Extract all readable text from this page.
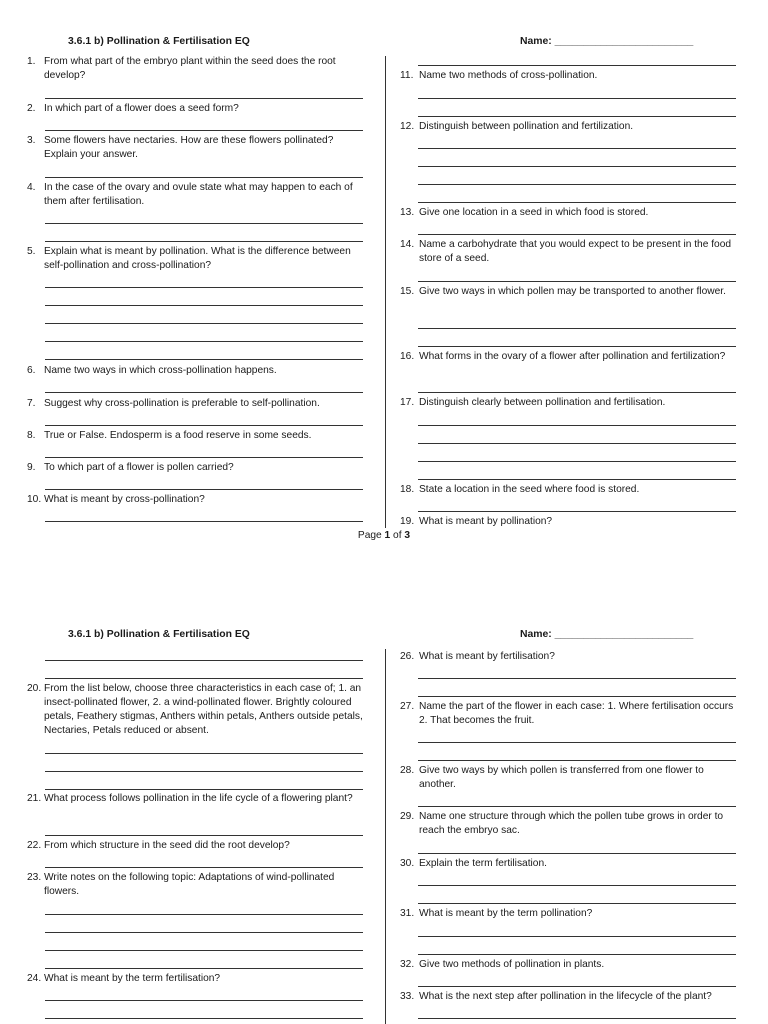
3.6.1 b) Pollination & Fertilisation EQ	Name: ________________________
1. From what part of the embryo plant within the seed does the root develop?
2. In which part of a flower does a seed form?
3. Some flowers have nectaries. How are these flowers pollinated? Explain your answer.
4. In the case of the ovary and ovule state what may happen to each of them after fertilisation.
5. Explain what is meant by pollination. What is the difference between self-pollination and cross-pollination?
6. Name two ways in which cross-pollination happens.
7. Suggest why cross-pollination is preferable to self-pollination.
8. True or False. Endosperm is a food reserve in some seeds.
9. To which part of a flower is pollen carried?
10. What is meant by cross-pollination?
11. Name two methods of cross-pollination.
12. Distinguish between pollination and fertilization.
13. Give one location in a seed in which food is stored.
14. Name a carbohydrate that you would expect to be present in the food store of a seed.
15. Give two ways in which pollen may be transported to another flower.
16. What forms in the ovary of a flower after pollination and fertilization?
17. Distinguish clearly between pollination and fertilisation.
18. State a location in the seed where food is stored.
19. What is meant by pollination?
Page 1 of 3
3.6.1 b) Pollination & Fertilisation EQ	Name: ________________________
20. From the list below, choose three characteristics in each case of; 1. an insect-pollinated flower, 2. a wind-pollinated flower. Brightly coloured petals, Feathery stigmas, Anthers within petals, Anthers outside petals, Nectaries, Petals reduced or absent.
21. What process follows pollination in the life cycle of a flowering plant?
22. From which structure in the seed did the root develop?
23. Write notes on the following topic: Adaptations of wind-pollinated flowers.
24. What is meant by the term fertilisation?
26. What is meant by fertilisation?
27. Name the part of the flower in each case: 1. Where fertilisation occurs 2. That becomes the fruit.
28. Give two ways by which pollen is transferred from one flower to another.
29. Name one structure through which the pollen tube grows in order to reach the embryo sac.
30. Explain the term fertilisation.
31. What is meant by the term pollination?
32. Give two methods of pollination in plants.
33. What is the next step after pollination in the lifecycle of the plant?
